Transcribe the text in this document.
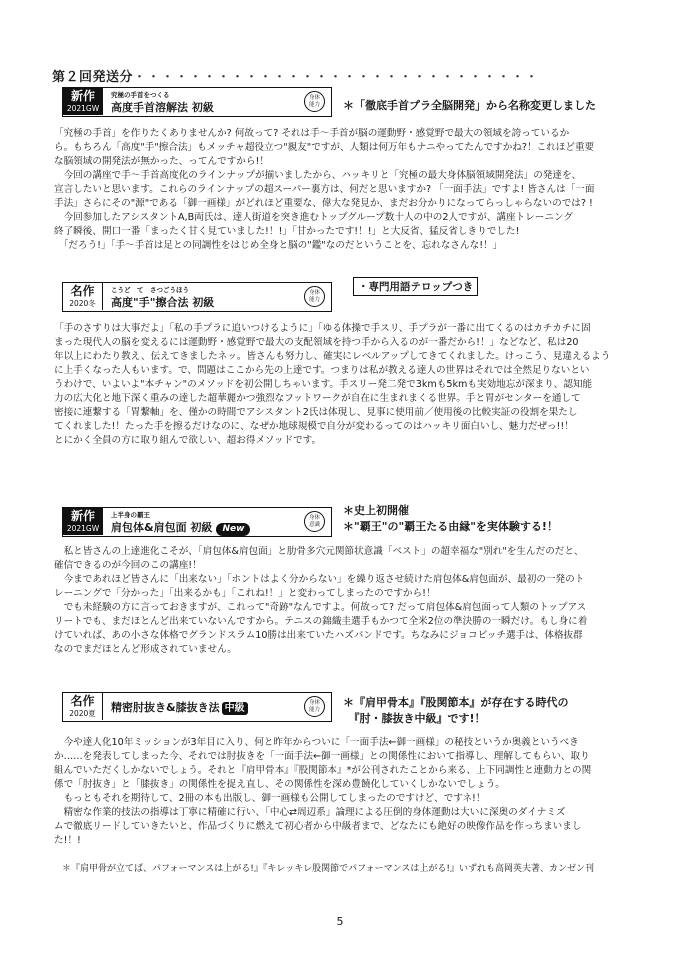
第２回発送分・・・・・・・・・・・・・・・・・・・・・・・・・・・・・
新作
2021GW
究極の手首をつくる
高度手首溶解法 初級
身体
能力	＊「徹底手首プラ全脳開発」から名称変更しました
「究極の手首」を作りたくありませんか? 何故って? それは手～手首が脳の運動野・感覚野で最大の領域を誇っているか
ら。もちろん「高度"手"擦合法」もメッチャ超役立つ"親友"ですが、人類は何万年もナニやってたんですかね?！これほど重要
な脳領域の開発法が無かった、ってんですから!！
　今回の講座で手～手首高度化のラインナップが揃いましたから、ハッキリと「究極の最大身体脳領域開発法」の発達を、
宣言したいと思います。これらのラインナップの超スーパー裏方は、何だと思いますか? 「一面手法」ですよ! 皆さんは「一面
手法」さらにその"源"である「御一画様」がどれほど重要な、偉大な発見か、まだお分かりになってらっしゃらないのでは? !
　今回参加したアシスタントA,B両氏は、達人街道を突き進むトップグループ数十人の中の2人ですが、講座トレーニング
終了瞬後、開口一番「まったく甘く見ていました!！!」「甘かったです!！!」と大反省、猛反省しきりでした!
　「だろう!」「手～手首は足との同調性をはじめ全身と脳の"鑑"なのだということを、忘れなさんな!！」
名作
2020冬
こうど　て　さつごうほう
高度"手"擦合法 初級
身体
能力
・専門用語テロップつき
「手のさすりは大事だよ」「私の手プラに追いつけるように」「ゆる体操で手スリ、手プラが一番に出てくるのはカチカチに固
まった現代人の脳を変えるには運動野・感覚野で最大の支配領域を持つ手から入るのが一番だから!！」などなど、私は20
年以上にわたり教え、伝えてきましたネッ。皆さんも努力し、確実にレベルアップしてきてくれました。けっこう、見違えるよう
に上手くなった人もいます。で、問題はここから先の上達です。つまりは私が教える達人の世界はそれでは全然足りないとい
うわけで、いよいよ"本チャン"のメソッドを初公開しちゃいます。手スリー発二発で3kmも5kmも実効地忘が深まり、認知能
力の広大化と地下深く重みの達した超華麗かつ強烈なフットワークが自在に生まれまくる世界。手と胃がセンターを通して
密接に連繋する「胃繋軸」を、僅かの時間でアシスタント2氏は体現し、見事に使用前／使用後の比較実証の役割を果たし
てくれました!！たった手を擦るだけなのに、なぜか地球規模で自分が変わるってのはハッキリ面白いし、魅力だぜっ!!！
とにかく全員の方に取り組んで欲しい、超お得メソッドです。
新作
2021GW
上半身の覇王
肩包体&肩包面 初級 New
身体
意識
＊史上初開催
＊"覇王"の"覇王たる由縁"を実体験する!！
　私と皆さんの上達進化こそが、「肩包体&肩包面」と肋骨多穴元関節状意識「ベスト」の超幸福な"別れ"を生んだのだと、
確信できるのが今回のこの講座!！
　今まであれほど皆さんに「出来ない」「ホントはよく分からない」を繰り返させ続けた肩包体&肩包面が、最初の一発のト
レーニングで「分かった」「出来るかも」「これね!！」と変わってしまったのですから!！
　でも未経験の方に言っておきますが、これって"奇跡"なんですよ。何故って? だって肩包体&肩包面って人類のトップアス
リートでも、まだほとんど出来ていないんですから。テニスの錦織圭選手もかつて全米2位の準決勝の一瞬だけ。もし身に着
けていれば、あの小さな体格でグランドスラム10勝は出来ていたハズバンドです。ちなみにジョコビッチ選手は、体格抜群
なのでまだほとんど形成されていません。
名作
2020夏	精密肘抜き&膝抜き法 中級	身体
能力
＊『肩甲骨本』『股関節本』が存在する時代の
　『肘・膝抜き中級』です!！
　今や達人化10年ミッションが3年目に入り、何と昨年からついに「一面手法←御一画様」の秘技というか奥義というべき
か……を発表してしまった今、それでは肘抜きを「一面手法←御一画様」との関係性において指導し、理解してもらい、取り
組んでいただくしかないでしょう。それと『肩甲骨本』『股関節本』*が公刊されたことから来る、上下同調性と連動力との関
係で「肘抜き」と「膝抜き」の関係性を捉え直し、その関係性を深め豊饒化していくしかないでしょう。
　もっともそれを期待して、2冊の本も出版し、御一画様も公開してしまったのですけど、ですネ!！
　精密な作業的技法の指導は丁寧に精確に行い、「中心⇄周辺系」論理による圧倒的身体運動は大いに深奥のダイナミズ
ムで徹底リードしていきたいと、作品づくりに燃えて初心者から中級者まで、どなたにも絶好の映像作品を作っちまいまし
た!！!
＊『肩甲骨が立てば、パフォーマンスは上がる!』『キレッキレ股関節でパフォーマンスは上がる!』いずれも高岡英夫著、カンゼン刊
5
